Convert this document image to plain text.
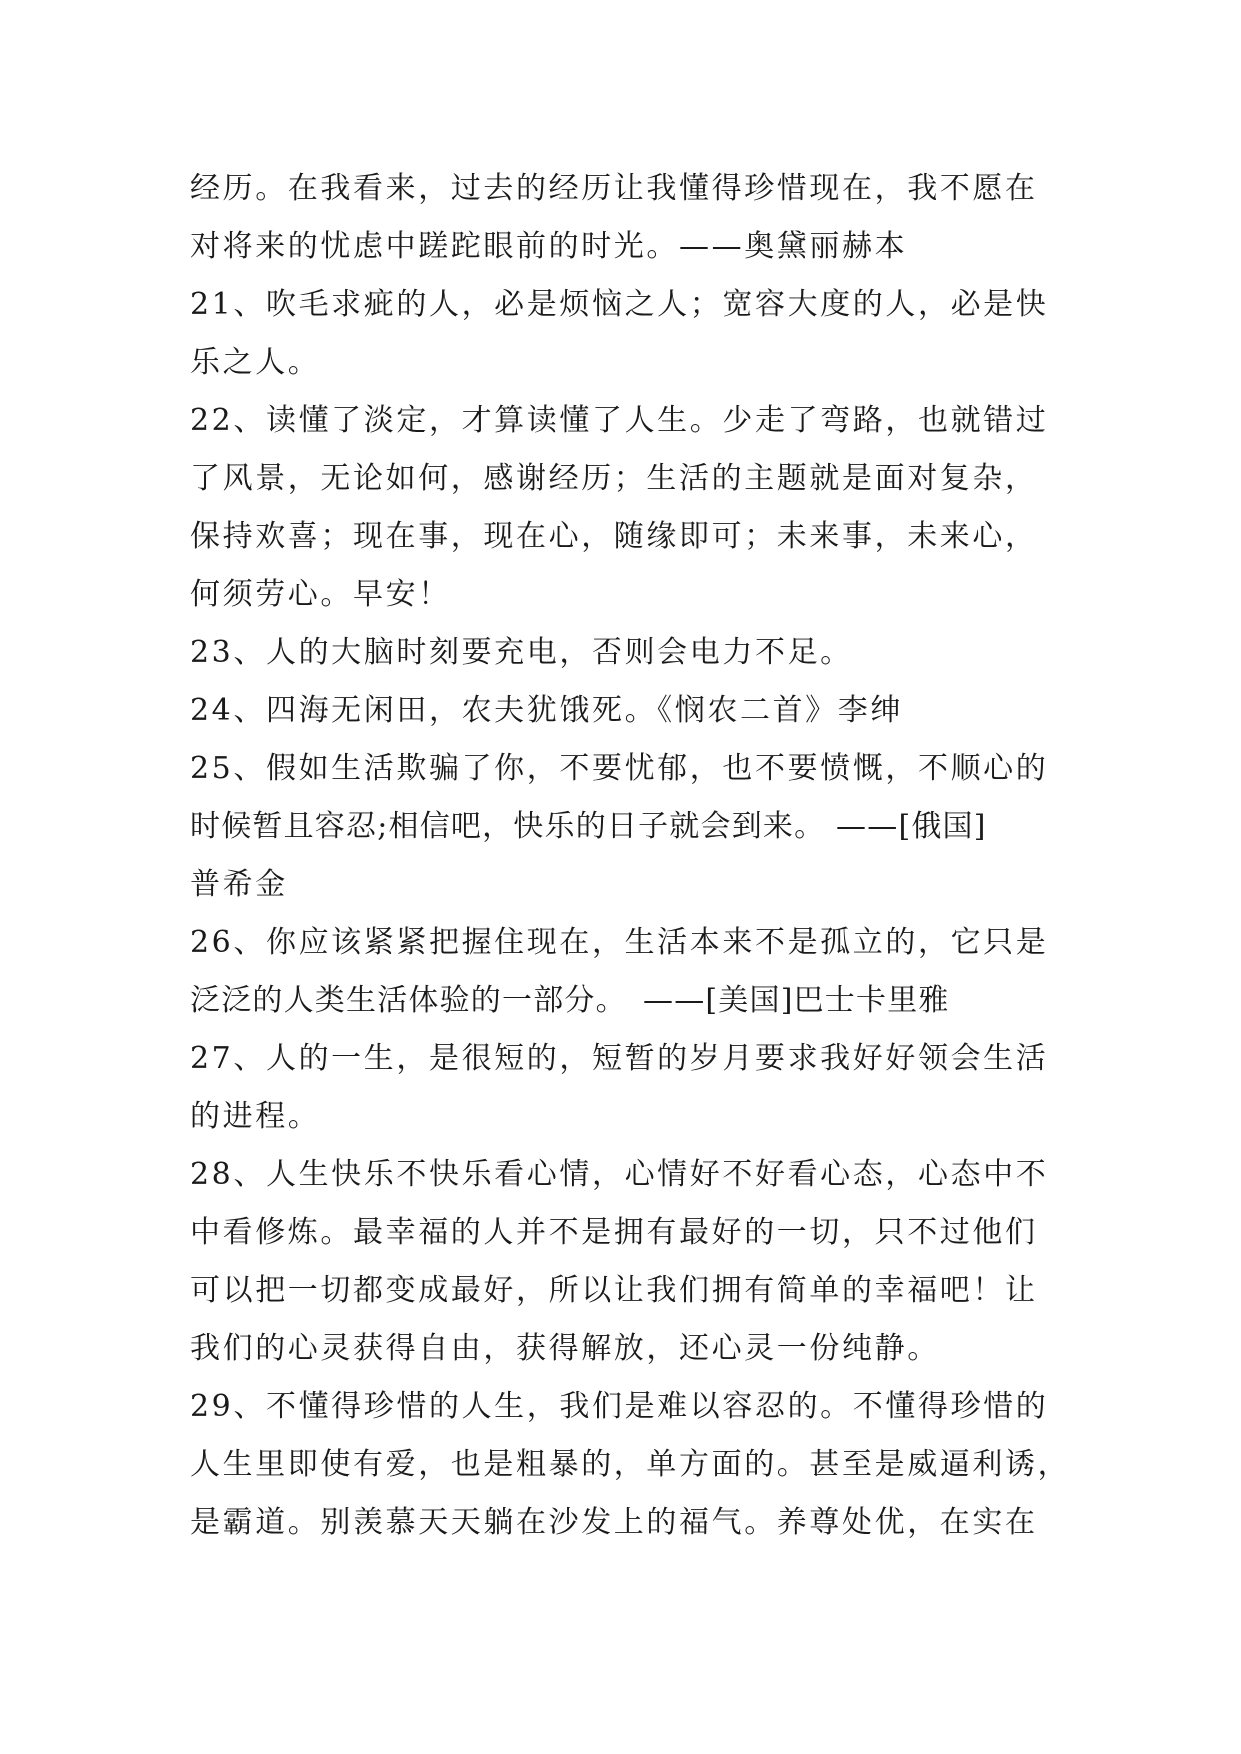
经历。在我看来，过去的经历让我懂得珍惜现在，我不愿在
对将来的忧虑中蹉跎眼前的时光。——奥黛丽赫本
21、吹毛求疵的人，必是烦恼之人；宽容大度的人，必是快
乐之人。
22、读懂了淡定，才算读懂了人生。少走了弯路，也就错过
了风景，无论如何，感谢经历；生活的主题就是面对复杂，
保持欢喜；现在事，现在心，随缘即可；未来事，未来心，
何须劳心。早安！
23、人的大脑时刻要充电，否则会电力不足。
24、四海无闲田，农夫犹饿死。《悯农二首》李绅
25、假如生活欺骗了你，不要忧郁，也不要愤慨，不顺心的
时候暂且容忍;相信吧，快乐的日子就会到来。 ——[俄国]
普希金
26、你应该紧紧把握住现在，生活本来不是孤立的，它只是
泛泛的人类生活体验的一部分。　——[美国]巴士卡里雅
27、人的一生，是很短的，短暂的岁月要求我好好领会生活
的进程。
28、人生快乐不快乐看心情，心情好不好看心态，心态中不
中看修炼。最幸福的人并不是拥有最好的一切，只不过他们
可以把一切都变成最好，所以让我们拥有简单的幸福吧！让
我们的心灵获得自由，获得解放，还心灵一份纯静。
29、不懂得珍惜的人生，我们是难以容忍的。不懂得珍惜的
人生里即使有爱，也是粗暴的，单方面的。甚至是威逼利诱，
是霸道。别羡慕天天躺在沙发上的福气。养尊处优，在实在
